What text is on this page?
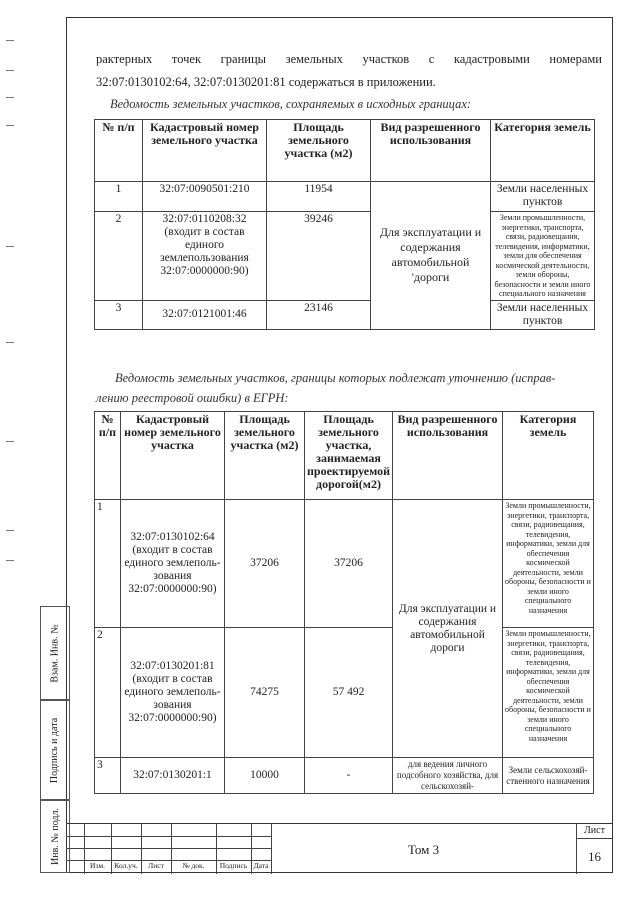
рактерных точек границы земельных участков с кадастровыми номерами
32:07:0130102:64, 32:07:0130201:81 содержаться в приложении.
Ведомость земельных участков, сохраняемых в исходных границах:
№ п/п	Кадастровый номер земельного участка	Площадь земельного участка (м2)	Вид разрешенного использования	Категория земель
1	32:07:0090501:210	11954	Для эксплуатации и содержания автомобильной 'дороги	Земли населенных пунктов
2	32:07:0110208:32 (входит в состав единого землепользования 32:07:0000000:90)	39246		Земли промышленности, энергетики, транспорта, связи, радиовещания, телевидения, информатики, земли для обеспечения космической деятельности, земли обороны, безопасности и земли иного специального назначения
3	32:07:0121001:46	23146		Земли населенных пунктов
Ведомость земельных участков, границы которых подлежат уточнению (исправ-
лению реестровой ошибки) в ЕГРН:
№ п/п	Кадастровый номер земельного участка	Площадь земельного участка (м2)	Площадь земельного участка, занимаемая проектируемой дорогой(м2)	Вид разрешенного использования	Категория земель
1	32:07:0130102:64 (входит в состав единого землеполь-зования 32:07:0000000:90)	37206	37206	Для эксплуатации и содержания автомобильной дороги	Земли промышленности, энергетики, транспорта, связи, радиовещания, телевидения, информатики, земли для обеспечения космической деятельности, земли обороны, безопасности и земли иного специального назначения
2	32:07:0130201:81 (входит в состав единого землеполь-зования 32:07:0000000:90)	74275	57 492		Земли промышленности, энергетики, транспорта, связи, радиовещания, телевидения, информатики, земли для обеспечения космической деятельности, земли обороны, безопасности и земли иного специального назначения
3	32:07:0130201:1	10000	-	для ведения личного подсобного хозяйства, для сельскохозяй-	Земли сельскохозяй-ственного назначения
Взам. Инв. №
Подпись и дата
Инв. № подл.
Изм.	Кол.уч.	Лист	№ док.	Подпись Дата
Том 3
Лист
16
